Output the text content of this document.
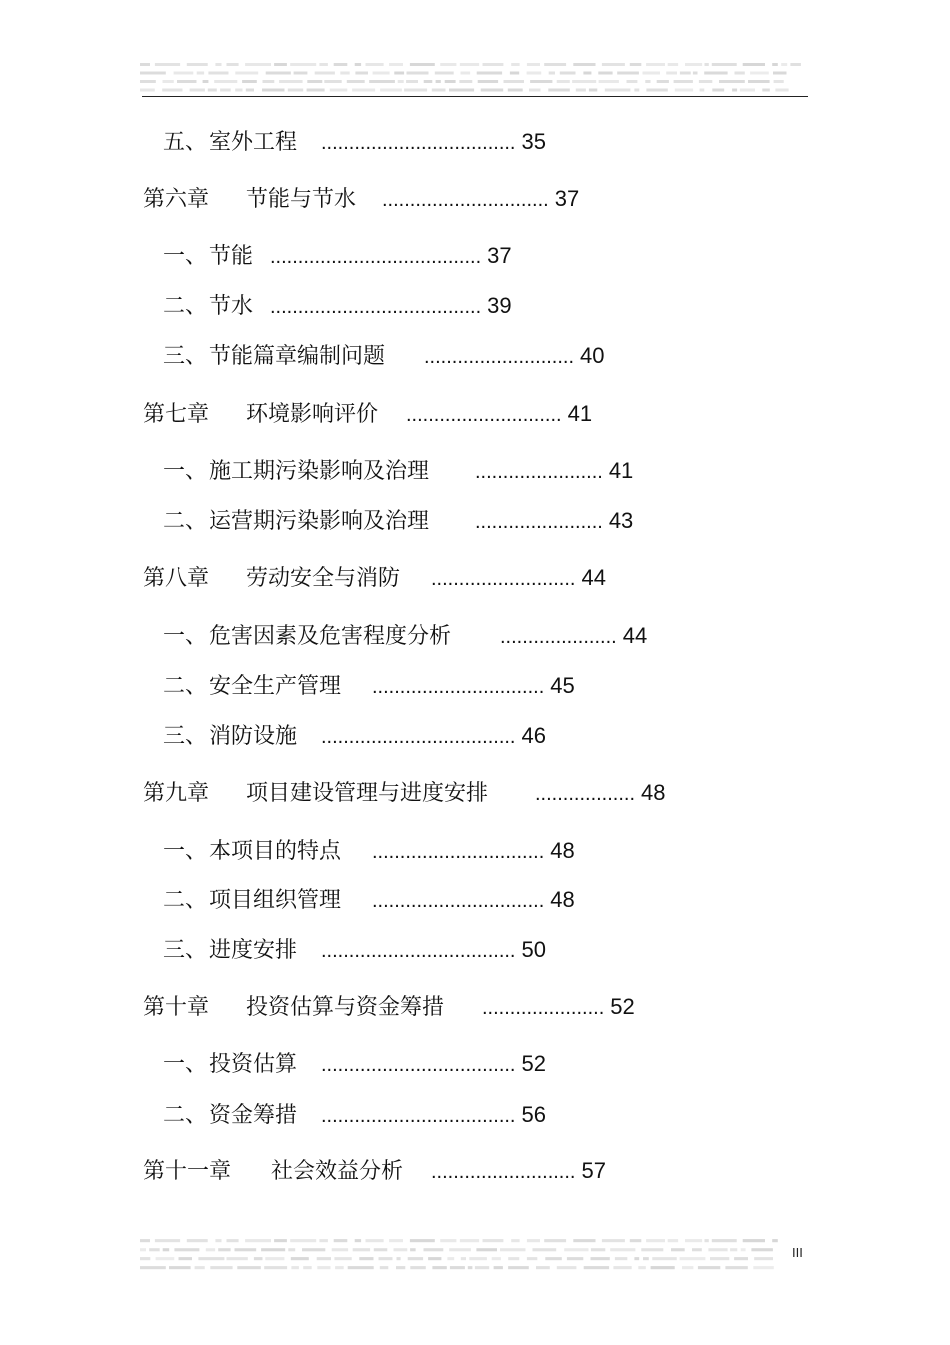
五、 室外工程	................................... 35
第六章	节能与节水	.............................. 37
一、 节能 ...................................... 37
二、 节水 ...................................... 39
三、 节能篇章编制问题	........................... 40
第七章	环境影响评价	............................ 41
一、 施工期污染影响及治理	....................... 41
二、 运营期污染影响及治理	....................... 43
第八章	劳动安全与消防	.......................... 44
一、 危害因素及危害程度分析	..................... 44
二、 安全生产管理	............................... 45
三、 消防设施	................................... 46
第九章	项目建设管理与进度安排	.................. 48
一、 本项目的特点	............................... 48
二、 项目组织管理	............................... 48
三、 进度安排	................................... 50
第十章	投资估算与资金筹措	...................... 52
一、 投资估算	................................... 52
二、 资金筹措	................................... 56
第十一章	社会效益分析	.......................... 57
III
